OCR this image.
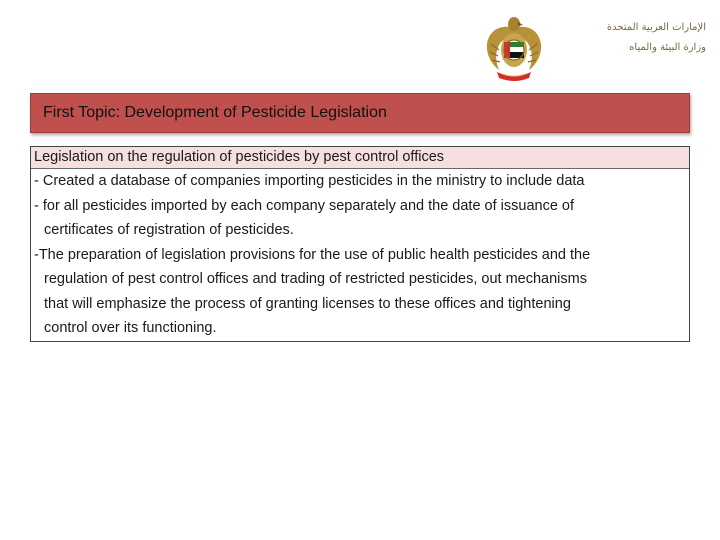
الإمارات العربية المتحدة
وزارة البيئة والمياه
First Topic: Development of Pesticide Legislation
Legislation on the regulation of pesticides by pest control offices
- Created a database of companies importing pesticides in the ministry to include data
- for all pesticides imported by each company separately and the date of issuance of
certificates of registration of pesticides.
-The preparation of legislation provisions for the use of public health pesticides and the
regulation of pest control offices and trading of restricted pesticides, out mechanisms
that will emphasize the process of granting licenses to these offices and tightening
control over its functioning.
